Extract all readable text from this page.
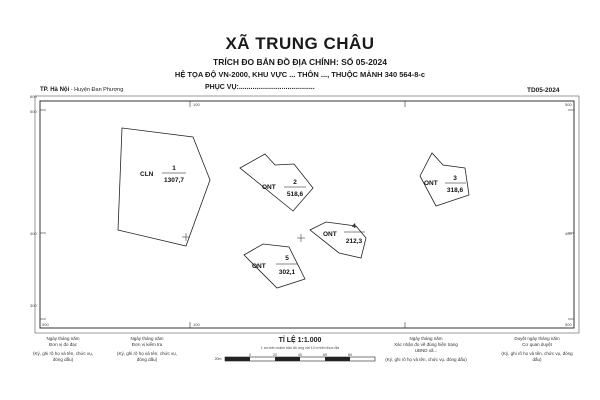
XÃ TRUNG CHÂU
TRÍCH ĐO BẢN ĐỒ ĐỊA CHÍNH: SỐ 05-2024
HỆ TỌA ĐỘ VN-2000, KHU VỰC ... THÔN ..., THUỘC MẢNH 340 564-8-c
PHỤC VỤ:.......................................
TP. Hà Nội - Huyện Đan Phượng	TD05-2024
600
500
100	500
400	400
300
500	100	500
CLN
1
1307,7
ONT
2
518,6
ONT
3
318,6
ONT
4
212,3
ONT
5
302,1
20m
0	20	40	60	80
TỈ LỆ 1:1.000
1 cm trên mảnh bản đồ ứng với 10 m trên thực địa
Ngày tháng năm
Đơn vị đo đạc
(Ký, ghi rõ họ và tên, chức vụ, đóng dấu)
Ngày tháng năm
Đơn vị kiểm tra
(Ký, ghi rõ họ và tên, chức vụ, đóng dấu)
Ngày tháng năm
Xác nhận đo vẽ đúng hiện trạng
UBND xã...
(Ký, ghi rõ họ và tên, chức vụ, đóng dấu)
Duyệt ngày tháng năm
Cơ quan duyệt
(Ký, ghi rõ họ và tên, chức vụ, đóng dấu)
